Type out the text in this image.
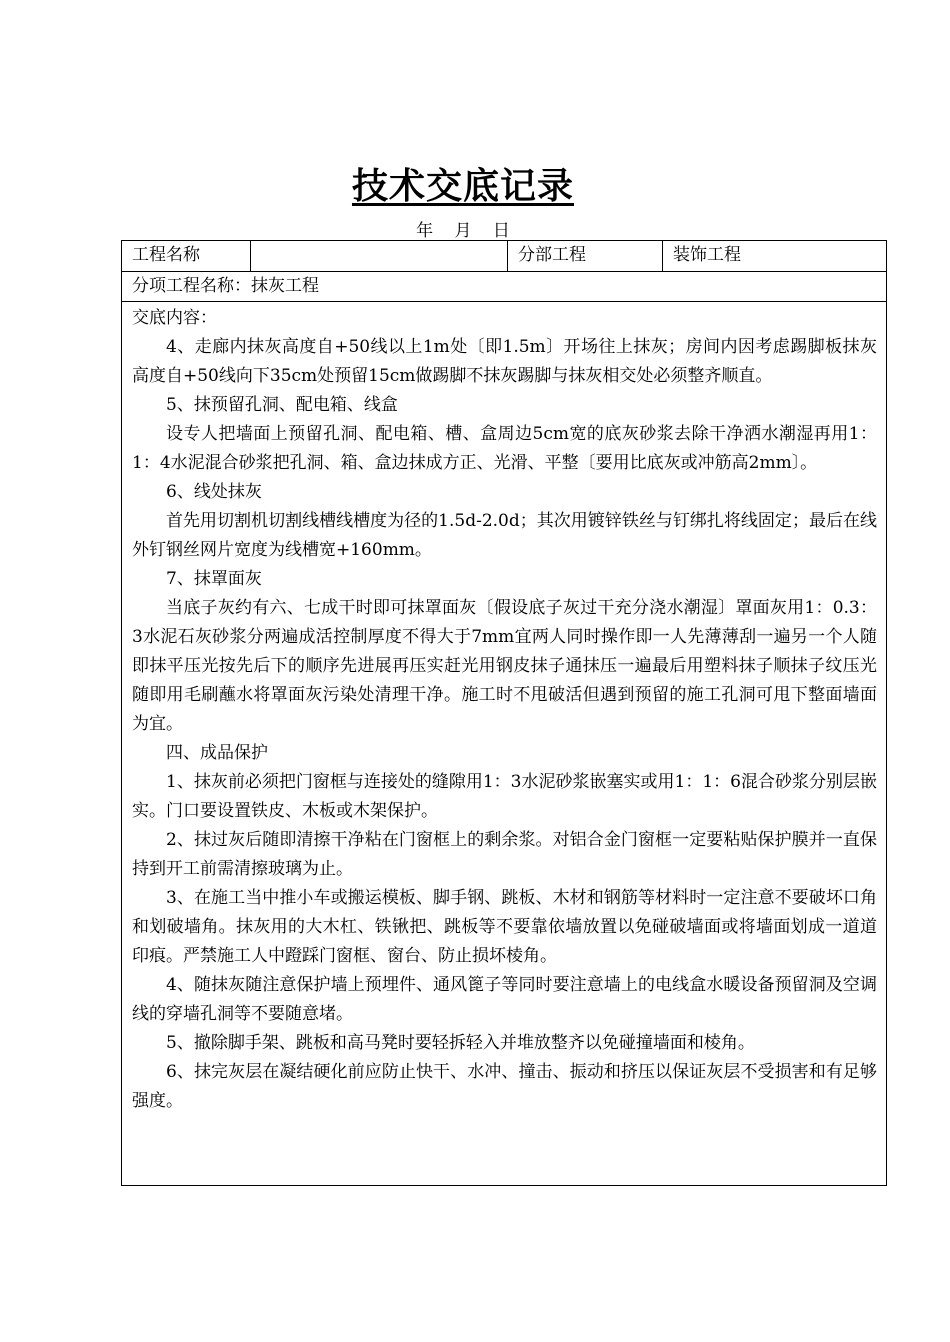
技术交底记录
年 月 日
工程名称	分部工程	装饰工程
分项工程名称：抹灰工程
交底内容：

4、走廊内抹灰高度自+50线以上1m处〔即1.5m〕开场往上抹灰；房间内因考虑踢脚板抹灰高度自+50线向下35cm处预留15cm做踢脚不抹灰踢脚与抹灰相交处必须整齐顺直。

5、抹预留孔洞、配电箱、线盒

设专人把墙面上预留孔洞、配电箱、槽、盒周边5cm宽的底灰砂浆去除干净洒水潮湿再用1：1：4水泥混合砂浆把孔洞、箱、盒边抹成方正、光滑、平整〔要用比底灰或冲筋高2mm〕。

6、线处抹灰

首先用切割机切割线槽线槽度为径的1.5d-2.0d；其次用镀锌铁丝与钉绑扎将线固定；最后在线外钉钢丝网片宽度为线槽宽+160mm。

7、抹罩面灰

当底子灰约有六、七成干时即可抹罩面灰〔假设底子灰过干充分浇水潮湿〕罩面灰用1：0.3：3水泥石灰砂浆分两遍成活控制厚度不得大于7mm宜两人同时操作即一人先薄薄刮一遍另一个人随即抹平压光按先后下的顺序先进展再压实赶光用钢皮抹子通抹压一遍最后用塑料抹子顺抹子纹压光随即用毛刷蘸水将罩面灰污染处清理干净。施工时不甩破活但遇到预留的施工孔洞可甩下整面墙面为宜。

四、成品保护

1、抹灰前必须把门窗框与连接处的缝隙用1：3水泥砂浆嵌塞实或用1：1：6混合砂浆分别层嵌实。门口要设置铁皮、木板或木架保护。

2、抹过灰后随即清擦干净粘在门窗框上的剩余浆。对铝合金门窗框一定要粘贴保护膜并一直保持到开工前需清擦玻璃为止。

3、在施工当中推小车或搬运模板、脚手钢、跳板、木材和钢筋等材料时一定注意不要破坏口角和划破墙角。抹灰用的大木杠、铁锹把、跳板等不要靠依墙放置以免碰破墙面或将墙面划成一道道印痕。严禁施工人中蹬踩门窗框、窗台、防止损坏棱角。

4、随抹灰随注意保护墙上预埋件、通风篦子等同时要注意墙上的电线盒水暖设备预留洞及空调线的穿墙孔洞等不要随意堵。

5、撤除脚手架、跳板和高马凳时要轻拆轻入并堆放整齐以免碰撞墙面和棱角。

6、抹完灰层在凝结硬化前应防止快干、水冲、撞击、振动和挤压以保证灰层不受损害和有足够强度。
